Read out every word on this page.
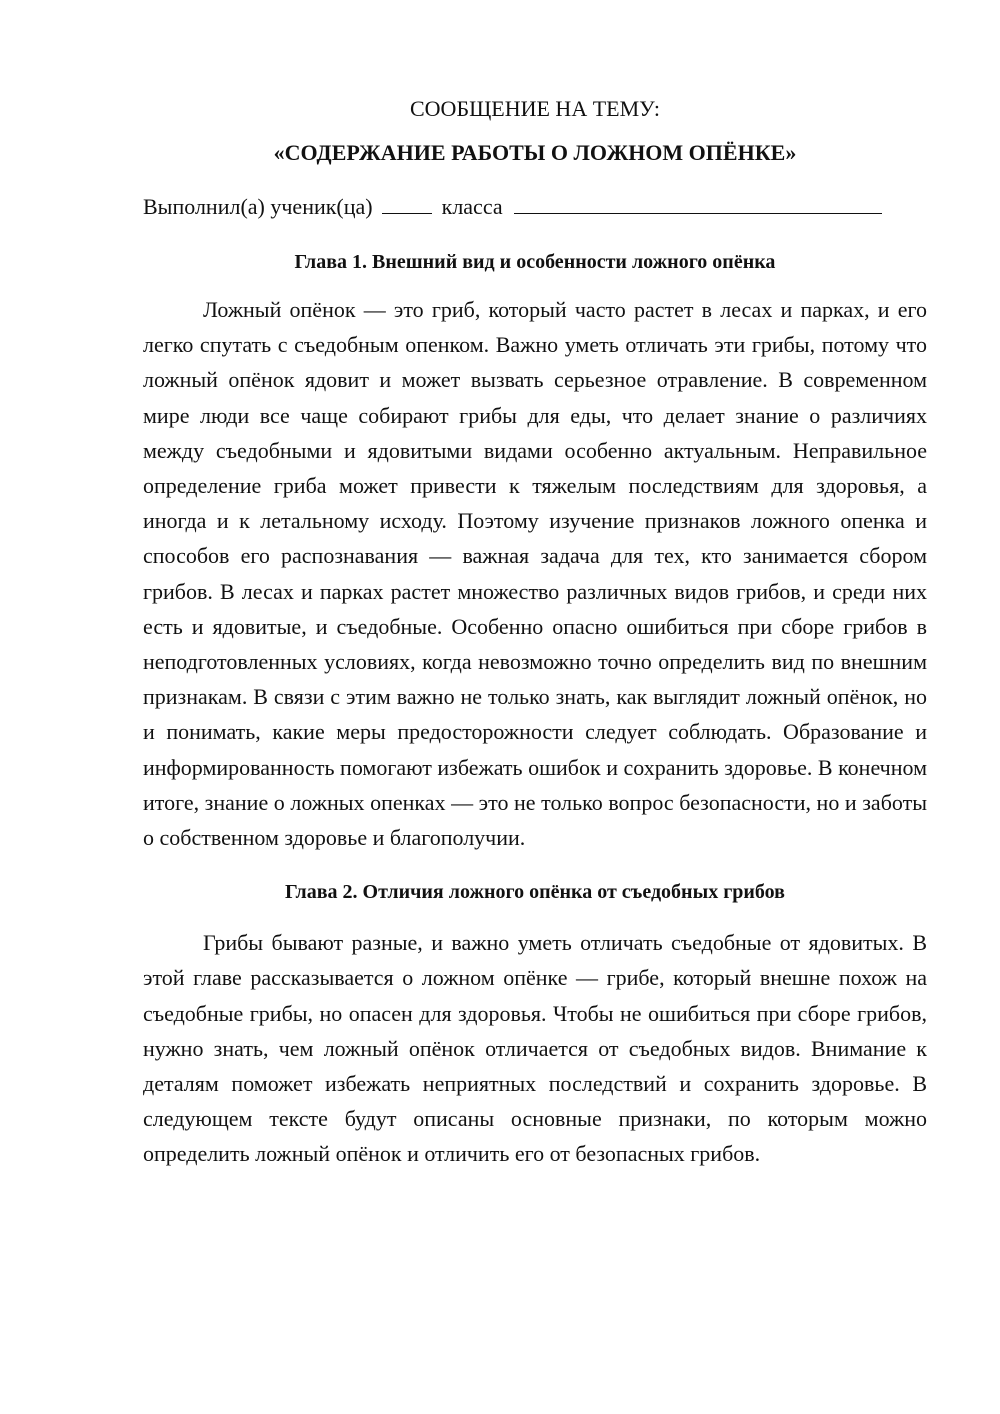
СООБЩЕНИЕ НА ТЕМУ:

«СОДЕРЖАНИЕ РАБОТЫ О ЛОЖНОМ ОПЁНКЕ»

Выполнил(а) ученик(ца)	класса
Глава 1. Внешний вид и особенности ложного опёнка

Ложный опёнок — это гриб, который часто растет в лесах и парках, и его легко спутать с съедобным опенком. Важно уметь отличать эти грибы, потому что ложный опёнок ядовит и может вызвать серьезное отравление. В современном мире люди все чаще собирают грибы для еды, что делает знание о различиях между съедобными и ядовитыми видами особенно актуальным. Неправильное определение гриба может привести к тяжелым последствиям для здоровья, а иногда и к летальному исходу. Поэтому изучение признаков ложного опенка и способов его распознавания — важная задача для тех, кто занимается сбором грибов. В лесах и парках растет множество различных видов грибов, и среди них есть и ядовитые, и съедобные. Особенно опасно ошибиться при сборе грибов в неподготовленных условиях, когда невозможно точно определить вид по внешним признакам. В связи с этим важно не только знать, как выглядит ложный опёнок, но и понимать, какие меры предосторожности следует соблюдать. Образование и информированность помогают избежать ошибок и сохранить здоровье. В конечном итоге, знание о ложных опенках — это не только вопрос безопасности, но и заботы о собственном здоровье и благополучии.

Глава 2. Отличия ложного опёнка от съедобных грибов

Грибы бывают разные, и важно уметь отличать съедобные от ядовитых. В этой главе рассказывается о ложном опёнке — грибе, который внешне похож на съедобные грибы, но опасен для здоровья. Чтобы не ошибиться при сборе грибов, нужно знать, чем ложный опёнок отличается от съедобных видов. Внимание к деталям поможет избежать неприятных последствий и сохранить здоровье. В следующем тексте будут описаны основные признаки, по которым можно определить ложный опёнок и отличить его от безопасных грибов.
